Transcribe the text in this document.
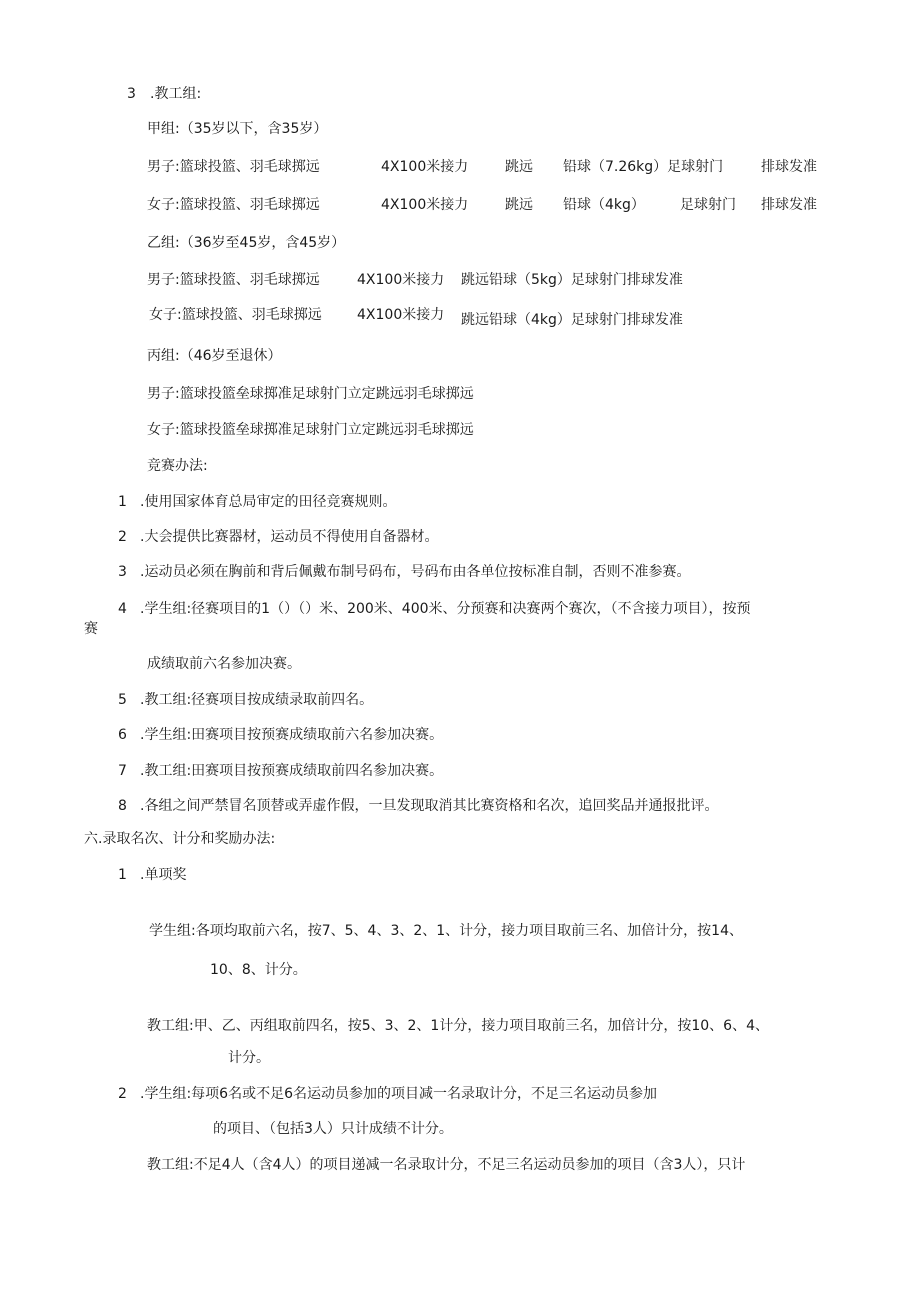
3 .教工组:
甲组:（35岁以下，含35岁）
男子:篮球投篮、羽毛球掷远	4X100米接力	跳远 铅球（7.26kg）足球射门	排球发准
女子:篮球投篮、羽毛球掷远	4X100米接力	跳远 铅球（4kg）	足球射门 排球发准
乙组:（36岁至45岁，含45岁）
男子:篮球投篮、羽毛球掷远	4X100米接力 跳远铅球（5kg）足球射门排球发准
女子:篮球投篮、羽毛球掷远	4X100米接力 跳远铅球（4kg）足球射门排球发准
丙组:（46岁至退休）
男子:篮球投篮垒球掷准足球射门立定跳远羽毛球掷远
女子:篮球投篮垒球掷准足球射门立定跳远羽毛球掷远
竞赛办法:
1 .使用国家体育总局审定的田径竞赛规则。
2 .大会提供比赛器材，运动员不得使用自备器材。
3 .运动员必须在胸前和背后佩戴布制号码布，号码布由各单位按标准自制，否则不准参赛。
4 .学生组:径赛项目的1（）（）米、200米、400米、分预赛和决赛两个赛次，（不含接力项目），按预
赛
成绩取前六名参加决赛。
5 .教工组:径赛项目按成绩录取前四名。
6 .学生组:田赛项目按预赛成绩取前六名参加决赛。
7 .教工组:田赛项目按预赛成绩取前四名参加决赛。
8 .各组之间严禁冒名顶替或弄虚作假，一旦发现取消其比赛资格和名次，追回奖品并通报批评。
六.录取名次、计分和奖励办法:
1 .单项奖
学生组:各项均取前六名，按7、5、4、3、2、1、计分，接力项目取前三名、加倍计分，按14、
10、8、计分。
教工组:甲、乙、丙组取前四名，按5、3、2、1计分，接力项目取前三名，加倍计分，按10、6、4、
计分。
2 .学生组:每项6名或不足6名运动员参加的项目减一名录取计分，不足三名运动员参加
的项目、（包括3人）只计成绩不计分。
教工组:不足4人（含4人）的项目递减一名录取计分，不足三名运动员参加的项目（含3人），只计
